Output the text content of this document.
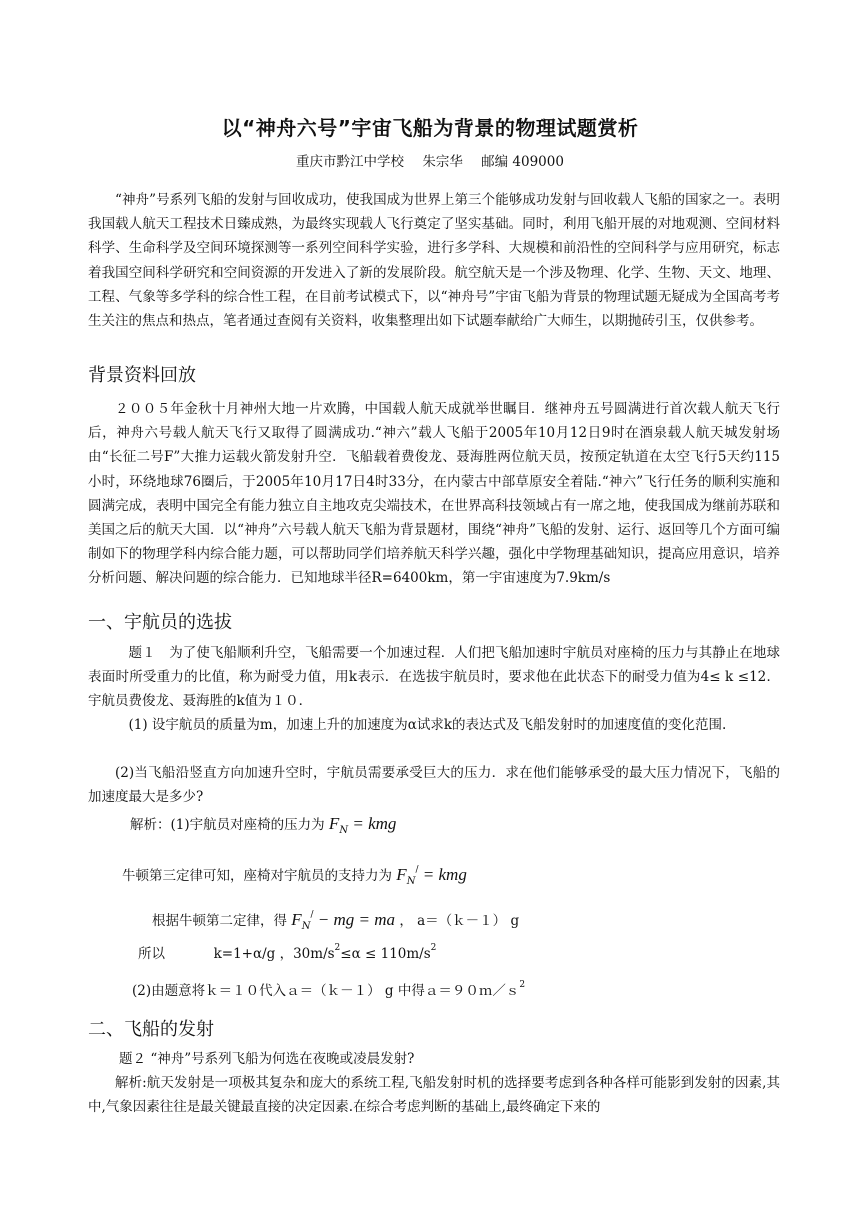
以“神舟六号”宇宙飞船为背景的物理试题赏析
重庆市黔江中学校 朱宗华 邮编 409000

“神舟”号系列飞船的发射与回收成功，使我国成为世界上第三个能够成功发射与回收载人飞船的国家之一。表明我国载人航天工程技术日臻成熟，为最终实现载人飞行奠定了坚实基础。同时，利用飞船开展的对地观测、空间材料科学、生命科学及空间环境探测等一系列空间科学实验，进行多学科、大规模和前沿性的空间科学与应用研究，标志着我国空间科学研究和空间资源的开发进入了新的发展阶段。航空航天是一个涉及物理、化学、生物、天文、地理、工程、气象等多学科的综合性工程，在目前考试模式下，以“神舟号”宇宙飞船为背景的物理试题无疑成为全国高考考生关注的焦点和热点，笔者通过查阅有关资料，收集整理出如下试题奉献给广大师生，以期抛砖引玉，仅供参考。

背景资料回放

２００５年金秋十月神州大地一片欢腾，中国载人航天成就举世瞩目．继神舟五号圆满进行首次载人航天飞行后，神舟六号载人航天飞行又取得了圆满成功.“神六”载人飞船于2005年10月12日9时在酒泉载人航天城发射场由“长征二号F”大推力运载火箭发射升空．飞船载着费俊龙、聂海胜两位航天员，按预定轨道在太空飞行5天约115小时，环绕地球76圈后，于2005年10月17日4时33分，在内蒙古中部草原安全着陆.“神六”飞行任务的顺利实施和圆满完成，表明中国完全有能力独立自主地攻克尖端技术，在世界高科技领域占有一席之地，使我国成为继前苏联和美国之后的航天大国．以“神舟”六号载人航天飞船为背景题材，围绕“神舟”飞船的发射、运行、返回等几个方面可编制如下的物理学科内综合能力题，可以帮助同学们培养航天科学兴趣，强化中学物理基础知识，提高应用意识，培养分析问题、解决问题的综合能力．已知地球半径R=6400km，第一宇宙速度为7.9km/s

一、宇航员的选拔

题１　为了使飞船顺利升空，飞船需要一个加速过程．人们把飞船加速时宇航员对座椅的压力与其静止在地球表面时所受重力的比值，称为耐受力值，用k表示．在选拔宇航员时，要求他在此状态下的耐受力值为4≤ k ≤12．宇航员费俊龙、聂海胜的k值为１０．

(1) 设宇航员的质量为m，加速上升的加速度为α试求k的表达式及飞船发射时的加速度值的变化范围.

(2)当飞船沿竖直方向加速升空时，宇航员需要承受巨大的压力．求在他们能够承受的最大压力情况下，飞船的加速度最大是多少?

解析：(1)宇航员对座椅的压力为 $F_N$ = kmg
牛顿第三定律可知，座椅对宇航员的支持力为 $F_N^/$ = kmg
根据牛顿第二定律，得 $F_N^/$ − mg = ma ， a＝（ｋ－１） g
所以	k=1+α/g ，$30m/s^2\le\alpha \le 110m/s^2$
(2)由题意将ｋ＝１０代入ａ＝（ｋ－１） g 中得ａ＝９０ｍ／ｓ$^2$
二、飞船的发射

题２ “神舟”号系列飞船为何选在夜晚或凌晨发射?

解析:航天发射是一项极其复杂和庞大的系统工程,飞船发射时机的选择要考虑到各种各样可能影到发射的因素,其中,气象因素往往是最关键最直接的决定因素.在综合考虑判断的基础上,最终确定下来的
